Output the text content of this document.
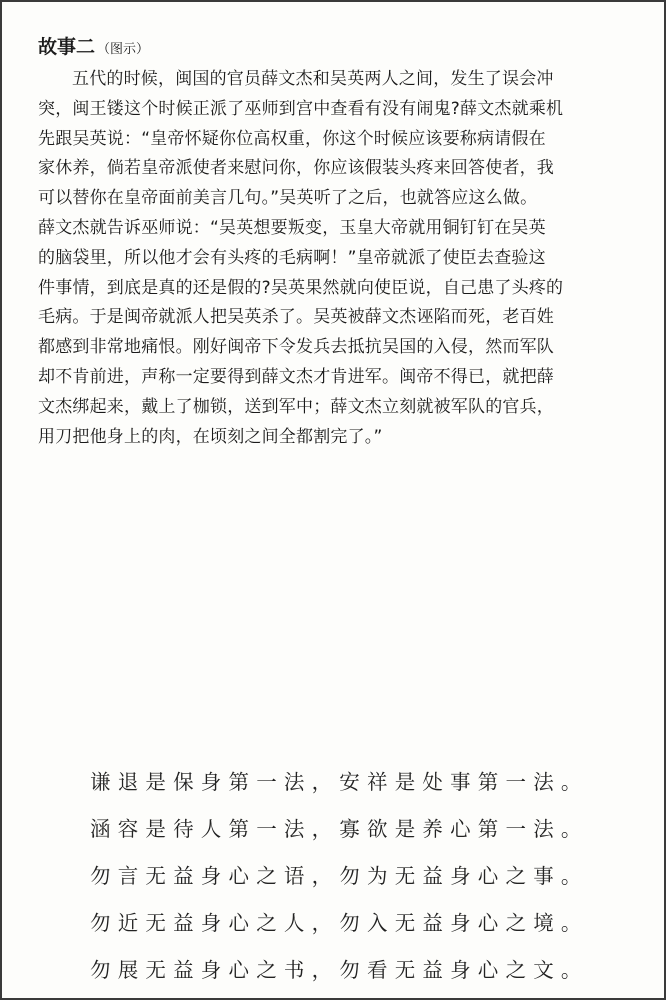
故事二 （图示）
五代的时候，闽国的官员薛文杰和吴英两人之间，发生了误会冲
突，闽王镂这个时候正派了巫师到宫中查看有没有闹鬼?薛文杰就乘机
先跟吴英说：“皇帝怀疑你位高权重，你这个时候应该要称病请假在
家休养，倘若皇帝派使者来慰问你，你应该假装头疼来回答使者，我
可以替你在皇帝面前美言几句。”吴英听了之后，也就答应这么做。
薛文杰就告诉巫师说：“吴英想要叛变，玉皇大帝就用铜钉钉在吴英
的脑袋里，所以他才会有头疼的毛病啊！”皇帝就派了使臣去查验这
件事情，到底是真的还是假的?吴英果然就向使臣说，自己患了头疼的
毛病。于是闽帝就派人把吴英杀了。吴英被薛文杰诬陷而死，老百姓
都感到非常地痛恨。刚好闽帝下令发兵去抵抗吴国的入侵，然而军队
却不肯前进，声称一定要得到薛文杰才肯进军。闽帝不得已，就把薛
文杰绑起来，戴上了枷锁，送到军中；薛文杰立刻就被军队的官兵，
用刀把他身上的肉，在顷刻之间全都割完了。”
谦退是保身第一法，安祥是处事第一法。
涵容是待人第一法，寡欲是养心第一法。
勿言无益身心之语，勿为无益身心之事。
勿近无益身心之人，勿入无益身心之境。
勿展无益身心之书，勿看无益身心之文。
